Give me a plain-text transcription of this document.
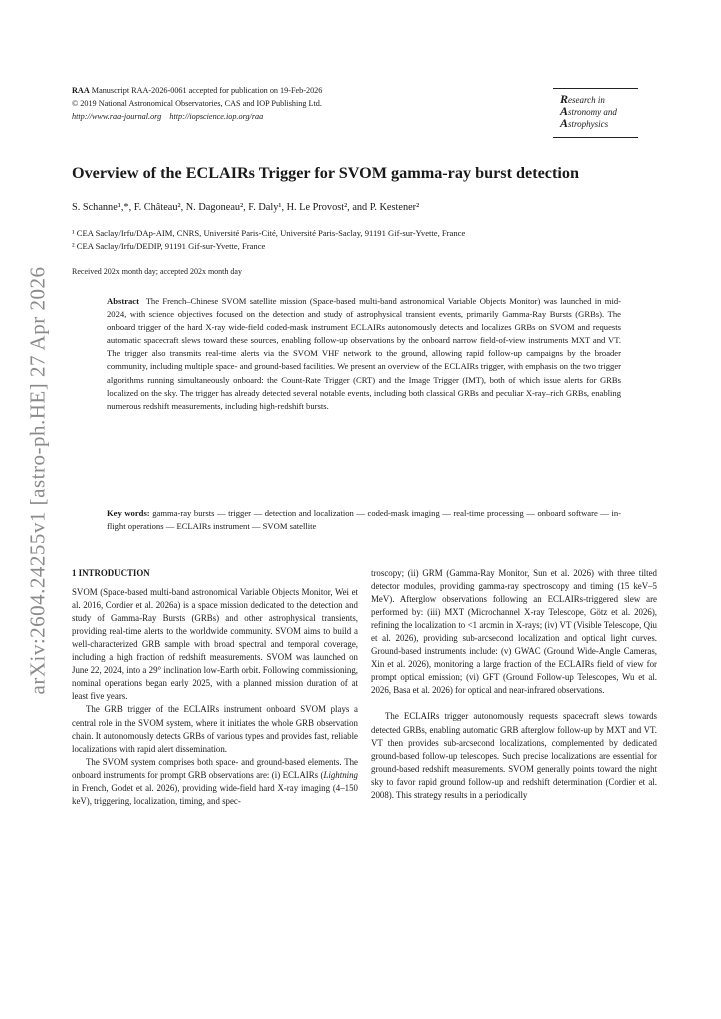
arXiv:2604.24255v1 [astro-ph.HE] 27 Apr 2026
RAA Manuscript RAA-2026-0061 accepted for publication on 19-Feb-2026
© 2019 National Astronomical Observatories, CAS and IOP Publishing Ltd.
http://www.raa-journal.org http://iopscience.iop.org/raa
Research in
Astronomy and
Astrophysics
Overview of the ECLAIRs Trigger for SVOM gamma-ray burst detection
S. Schanne¹,*, F. Château², N. Dagoneau², F. Daly¹, H. Le Provost², and P. Kestener²
¹ CEA Saclay/Irfu/DAp-AIM, CNRS, Université Paris-Cité, Université Paris-Saclay, 91191 Gif-sur-Yvette, France
² CEA Saclay/Irfu/DEDIP, 91191 Gif-sur-Yvette, France
Received 202x month day; accepted 202x month day
Abstract The French–Chinese SVOM satellite mission (Space-based multi-band astronomical Variable Objects Monitor) was launched in mid-2024, with science objectives focused on the detection and study of astrophysical transient events, primarily Gamma-Ray Bursts (GRBs). The onboard trigger of the hard X-ray wide-field coded-mask instrument ECLAIRs autonomously detects and localizes GRBs on SVOM and requests automatic spacecraft slews toward these sources, enabling follow-up observations by the onboard narrow field-of-view instruments MXT and VT. The trigger also transmits real-time alerts via the SVOM VHF network to the ground, allowing rapid follow-up campaigns by the broader community, including multiple space- and ground-based facilities. We present an overview of the ECLAIRs trigger, with emphasis on the two trigger algorithms running simultaneously onboard: the Count-Rate Trigger (CRT) and the Image Trigger (IMT), both of which issue alerts for GRBs localized on the sky. The trigger has already detected several notable events, including both classical GRBs and peculiar X-ray–rich GRBs, enabling numerous redshift measurements, including high-redshift bursts.
Key words: gamma-ray bursts — trigger — detection and localization — coded-mask imaging — real-time processing — onboard software — in-flight operations — ECLAIRs instrument — SVOM satellite
1 INTRODUCTION

SVOM (Space-based multi-band astronomical Variable Objects Monitor, Wei et al. 2016, Cordier et al. 2026a) is a space mission dedicated to the detection and study of Gamma-Ray Bursts (GRBs) and other astrophysical transients, providing real-time alerts to the worldwide community. SVOM aims to build a well-characterized GRB sample with broad spectral and temporal coverage, including a high fraction of redshift measurements. SVOM was launched on June 22, 2024, into a 29° inclination low-Earth orbit. Following commissioning, nominal operations began early 2025, with a planned mission duration of at least five years.

The GRB trigger of the ECLAIRs instrument onboard SVOM plays a central role in the SVOM system, where it initiates the whole GRB observation chain. It autonomously detects GRBs of various types and provides fast, reliable localizations with rapid alert dissemination.

The SVOM system comprises both space- and ground-based elements. The onboard instruments for prompt GRB observations are: (i) ECLAIRs (Lightning in French, Godet et al. 2026), providing wide-field hard X-ray imaging (4–150 keV), triggering, localization, timing, and spec-

troscopy; (ii) GRM (Gamma-Ray Monitor, Sun et al. 2026) with three tilted detector modules, providing gamma-ray spectroscopy and timing (15 keV–5 MeV). Afterglow observations following an ECLAIRs-triggered slew are performed by: (iii) MXT (Microchannel X-ray Telescope, Götz et al. 2026), refining the localization to <1 arcmin in X-rays; (iv) VT (Visible Telescope, Qiu et al. 2026), providing sub-arcsecond localization and optical light curves. Ground-based instruments include: (v) GWAC (Ground Wide-Angle Cameras, Xin et al. 2026), monitoring a large fraction of the ECLAIRs field of view for prompt optical emission; (vi) GFT (Ground Follow-up Telescopes, Wu et al. 2026, Basa et al. 2026) for optical and near-infrared observations.

The ECLAIRs trigger autonomously requests spacecraft slews towards detected GRBs, enabling automatic GRB afterglow follow-up by MXT and VT. VT then provides sub-arcsecond localizations, complemented by dedicated ground-based follow-up telescopes. Such precise localizations are essential for ground-based redshift measurements. SVOM generally points toward the night sky to favor rapid ground follow-up and redshift determination (Cordier et al. 2008). This strategy results in a periodically
